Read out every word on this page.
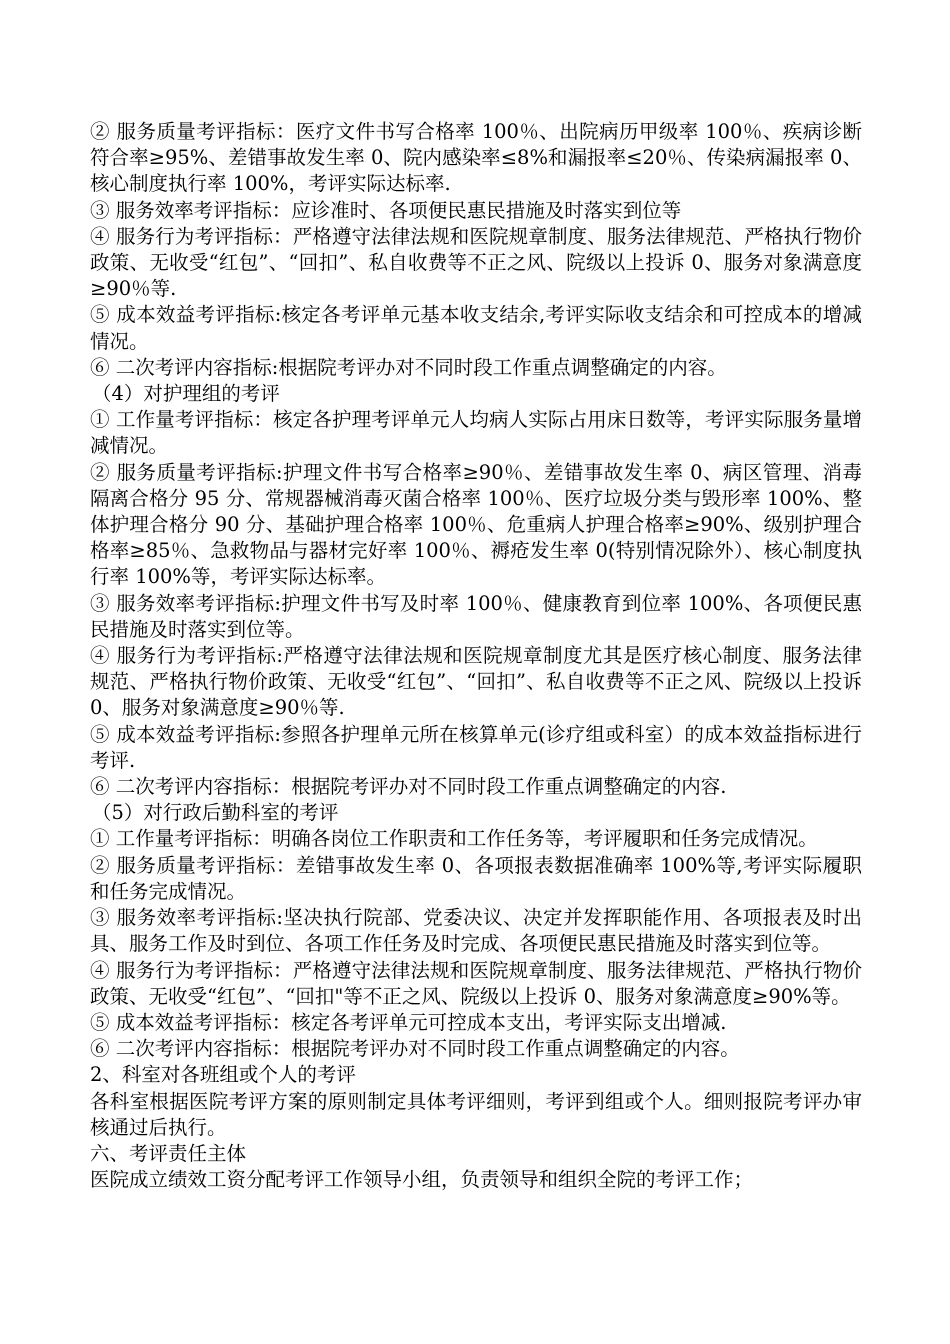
② 服务质量考评指标：医疗文件书写合格率 100％、出院病历甲级率 100％、疾病诊断符合率≥95%、差错事故发生率 0、院内感染率≤8%和漏报率≤20％、传染病漏报率 0、核心制度执行率 100%，考评实际达标率.

③ 服务效率考评指标：应诊准时、各项便民惠民措施及时落实到位等

④ 服务行为考评指标：严格遵守法律法规和医院规章制度、服务法律规范、严格执行物价政策、无收受“红包”、“回扣”、私自收费等不正之风、院级以上投诉 0、服务对象满意度≥90％等.

⑤ 成本效益考评指标:核定各考评单元基本收支结余,考评实际收支结余和可控成本的增减情况。

⑥ 二次考评内容指标:根据院考评办对不同时段工作重点调整确定的内容。

（4）对护理组的考评

① 工作量考评指标：核定各护理考评单元人均病人实际占用床日数等，考评实际服务量增减情况。

② 服务质量考评指标:护理文件书写合格率≥90％、差错事故发生率 0、病区管理、消毒隔离合格分 95 分、常规器械消毒灭菌合格率 100％、医疗垃圾分类与毁形率 100%、整体护理合格分 90 分、基础护理合格率 100％、危重病人护理合格率≥90%、级别护理合格率≥85％、急救物品与器材完好率 100％、褥疮发生率 0(特别情况除外）、核心制度执行率 100%等，考评实际达标率。

③ 服务效率考评指标:护理文件书写及时率 100％、健康教育到位率 100%、各项便民惠民措施及时落实到位等。

④ 服务行为考评指标:严格遵守法律法规和医院规章制度尤其是医疗核心制度、服务法律规范、严格执行物价政策、无收受“红包”、“回扣”、私自收费等不正之风、院级以上投诉 0、服务对象满意度≥90％等.

⑤ 成本效益考评指标:参照各护理单元所在核算单元(诊疗组或科室）的成本效益指标进行考评.

⑥ 二次考评内容指标：根据院考评办对不同时段工作重点调整确定的内容.

（5）对行政后勤科室的考评

① 工作量考评指标：明确各岗位工作职责和工作任务等，考评履职和任务完成情况。

② 服务质量考评指标：差错事故发生率 0、各项报表数据准确率 100%等,考评实际履职和任务完成情况。

③ 服务效率考评指标:坚决执行院部、党委决议、决定并发挥职能作用、各项报表及时出具、服务工作及时到位、各项工作任务及时完成、各项便民惠民措施及时落实到位等。

④ 服务行为考评指标：严格遵守法律法规和医院规章制度、服务法律规范、严格执行物价政策、无收受“红包”、“回扣"等不正之风、院级以上投诉 0、服务对象满意度≥90%等。

⑤ 成本效益考评指标：核定各考评单元可控成本支出，考评实际支出增减.

⑥ 二次考评内容指标：根据院考评办对不同时段工作重点调整确定的内容。

2、科室对各班组或个人的考评

各科室根据医院考评方案的原则制定具体考评细则，考评到组或个人。细则报院考评办审核通过后执行。

六、考评责任主体

医院成立绩效工资分配考评工作领导小组，负责领导和组织全院的考评工作；
